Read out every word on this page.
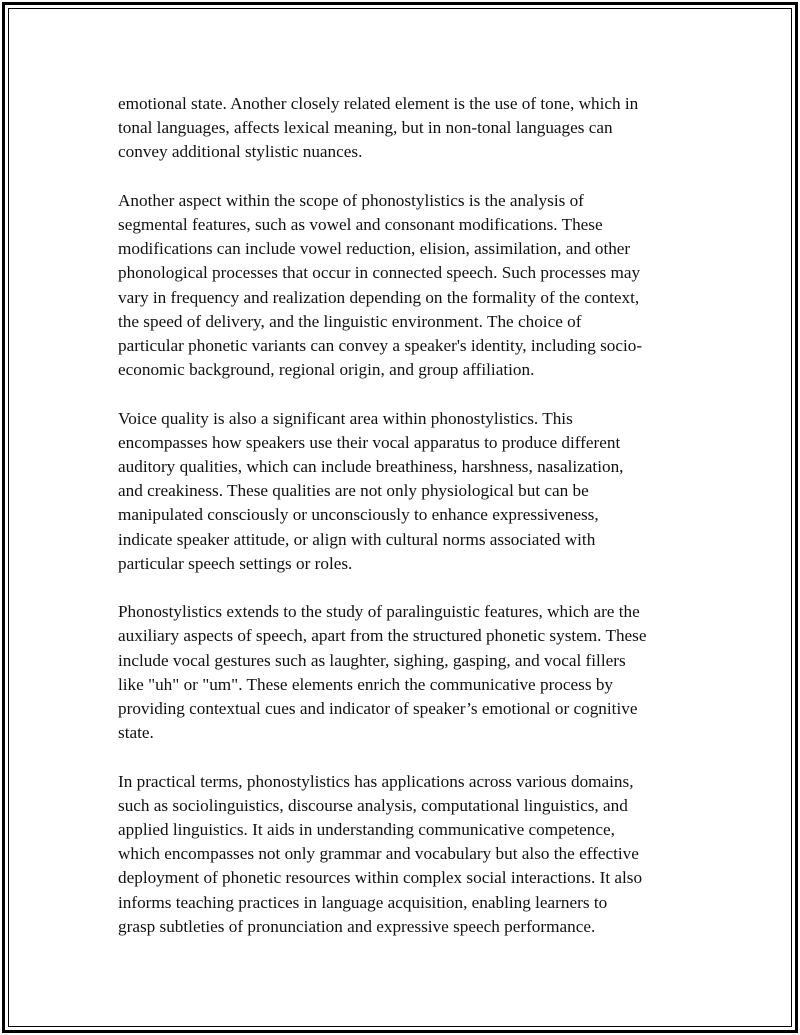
emotional state. Another closely related element is the use of tone, which in
tonal languages, affects lexical meaning, but in non-tonal languages can
convey additional stylistic nuances.

Another aspect within the scope of phonostylistics is the analysis of
segmental features, such as vowel and consonant modifications. These
modifications can include vowel reduction, elision, assimilation, and other
phonological processes that occur in connected speech. Such processes may
vary in frequency and realization depending on the formality of the context,
the speed of delivery, and the linguistic environment. The choice of
particular phonetic variants can convey a speaker's identity, including socio-
economic background, regional origin, and group affiliation.

Voice quality is also a significant area within phonostylistics. This
encompasses how speakers use their vocal apparatus to produce different
auditory qualities, which can include breathiness, harshness, nasalization,
and creakiness. These qualities are not only physiological but can be
manipulated consciously or unconsciously to enhance expressiveness,
indicate speaker attitude, or align with cultural norms associated with
particular speech settings or roles.

Phonostylistics extends to the study of paralinguistic features, which are the
auxiliary aspects of speech, apart from the structured phonetic system. These
include vocal gestures such as laughter, sighing, gasping, and vocal fillers
like "uh" or "um". These elements enrich the communicative process by
providing contextual cues and indicator of speaker’s emotional or cognitive
state.

In practical terms, phonostylistics has applications across various domains,
such as sociolinguistics, discourse analysis, computational linguistics, and
applied linguistics. It aids in understanding communicative competence,
which encompasses not only grammar and vocabulary but also the effective
deployment of phonetic resources within complex social interactions. It also
informs teaching practices in language acquisition, enabling learners to
grasp subtleties of pronunciation and expressive speech performance.
